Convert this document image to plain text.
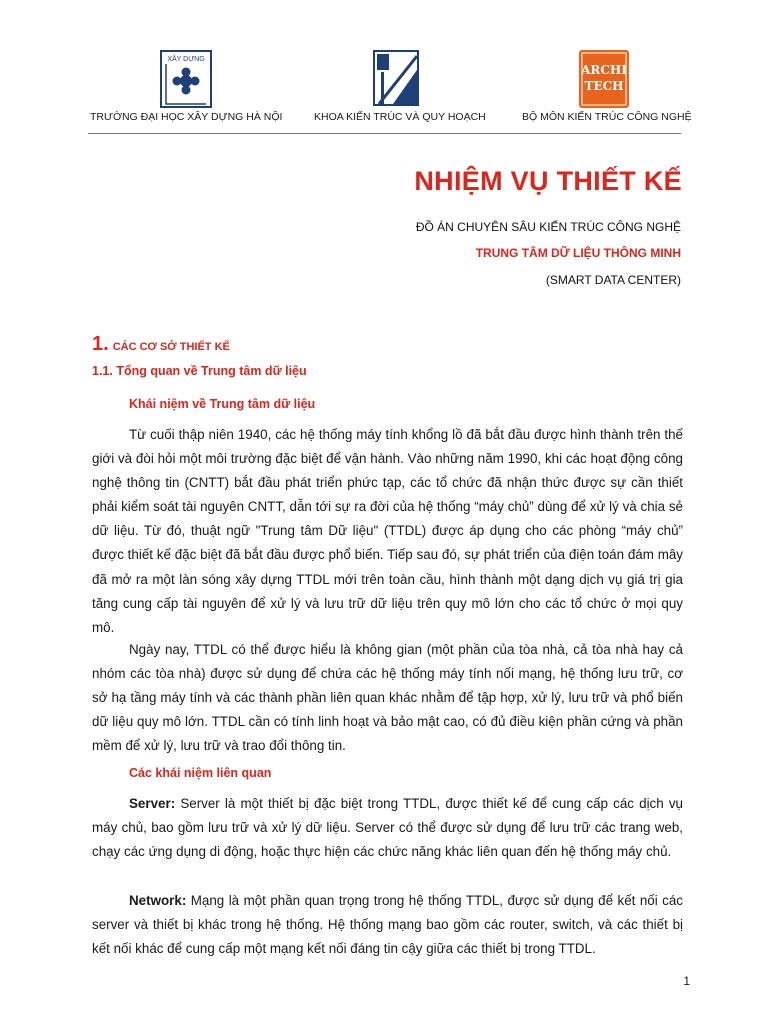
XÂY DỰNG
ARCHI
TECH
TRƯỜNG ĐẠI HỌC XÂY DỰNG HÀ NỘI	KHOA KIẾN TRÚC VÀ QUY HOẠCH	BỘ MÔN KIẾN TRÚC CÔNG NGHỆ
NHIỆM VỤ THIẾT KẾ
ĐỒ ÁN CHUYÊN SÂU KIẾN TRÚC CÔNG NGHỆ
TRUNG TÂM DỮ LIỆU THÔNG MINH
(SMART DATA CENTER)
1. CÁC CƠ SỞ THIẾT KẾ
1.1. Tổng quan về Trung tâm dữ liệu
Khái niệm về Trung tâm dữ liệu

Từ cuối thập niên 1940, các hệ thống máy tính khổng lồ đã bắt đầu được hình thành trên thế giới và đòi hỏi một môi trường đặc biệt để vận hành. Vào những năm 1990, khi các hoạt động công nghệ thông tin (CNTT) bắt đầu phát triển phức tạp, các tổ chức đã nhận thức được sự cần thiết phải kiểm soát tài nguyên CNTT, dẫn tới sự ra đời của hệ thống “máy chủ” dùng để xử lý và chia sẻ dữ liệu. Từ đó, thuật ngữ "Trung tâm Dữ liệu" (TTDL) được áp dụng cho các phòng “máy chủ” được thiết kế đặc biệt đã bắt đầu được phổ biến. Tiếp sau đó, sự phát triển của điện toán đám mây đã mở ra một làn sóng xây dựng TTDL mới trên toàn cầu, hình thành một dạng dịch vụ giá trị gia tăng cung cấp tài nguyên để xử lý và lưu trữ dữ liệu trên quy mô lớn cho các tổ chức ở mọi quy mô.

Ngày nay, TTDL có thể được hiểu là không gian (một phần của tòa nhà, cả tòa nhà hay cả nhóm các tòa nhà) được sử dụng để chứa các hệ thống máy tính nối mạng, hệ thống lưu trữ, cơ sở hạ tầng máy tính và các thành phần liên quan khác nhằm để tập hợp, xử lý, lưu trữ và phổ biến dữ liệu quy mô lớn. TTDL cần có tính linh hoạt và bảo mật cao, có đủ điều kiện phần cứng và phần mềm để xử lý, lưu trữ và trao đổi thông tin.

Các khái niệm liên quan

Server: Server là một thiết bị đặc biệt trong TTDL, được thiết kế để cung cấp các dịch vụ máy chủ, bao gồm lưu trữ và xử lý dữ liệu. Server có thể được sử dụng để lưu trữ các trang web, chạy các ứng dụng di động, hoặc thực hiện các chức năng khác liên quan đến hệ thống máy chủ.

Network: Mạng là một phần quan trọng trong hệ thống TTDL, được sử dụng để kết nối các server và thiết bị khác trong hệ thống. Hệ thống mạng bao gồm các router, switch, và các thiết bị kết nối khác để cung cấp một mạng kết nối đáng tin cậy giữa các thiết bị trong TTDL.

1
